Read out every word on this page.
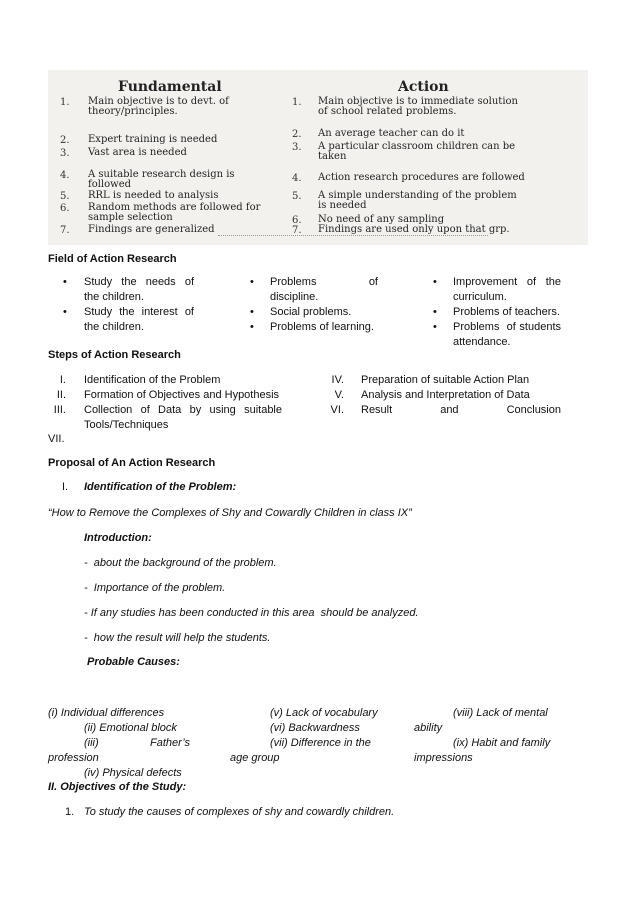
Fundamental	Action
1. Main objective is to devt. of
theory/principles.
2. Expert training is needed
3. Vast area is needed
4. A suitable research design is
followed
5. RRL is needed to analysis
6. Random methods are followed for
sample selection
7. Findings are generalized
1. Main objective is to immediate solution
of school related problems.
2. An average teacher can do it
3. A particular classroom children can be
taken
4. Action research procedures are followed
5. A simple understanding of the problem
is needed
6. No need of any sampling
7. Findings are used only upon that grp.
Field of Action Research
• Study  the  needs  of
the children.
• Study the interest of
the children.
• Problems               of
discipline.
• Social problems.
• Problems of learning.
• Improvement  of  the
curriculum.
• Problems of teachers.
• Problems  of students
attendance.
Steps of Action Research
I. Identification of the Problem
II. Formation of Objectives and Hypothesis
III. Collection  of  Data  by  using  suitable
Tools/Techniques
IV. Preparation of suitable Action Plan
V. Analysis and Interpretation of Data
VI. Result             and             Conclusion
VII.
Proposal of An Action Research
I. Identification of the Problem:
“How to Remove the Complexes of Shy and Cowardly Children in class IX”
Introduction:
-  about the background of the problem.
-  Importance of the problem.
- If any studies has been conducted in this area  should be analyzed.
-  how the result will help the students.
Probable Causes:
(i) Individual differences
(ii) Emotional block
(iii)	Father’s
profession
(iv) Physical defects
(v) Lack of vocabulary
(vi) Backwardness
(vii) Difference in the
age group
(viii) Lack of mental
ability
(ix) Habit and family
impressions
II. Objectives of the Study:
1. To study the causes of complexes of shy and cowardly children.
